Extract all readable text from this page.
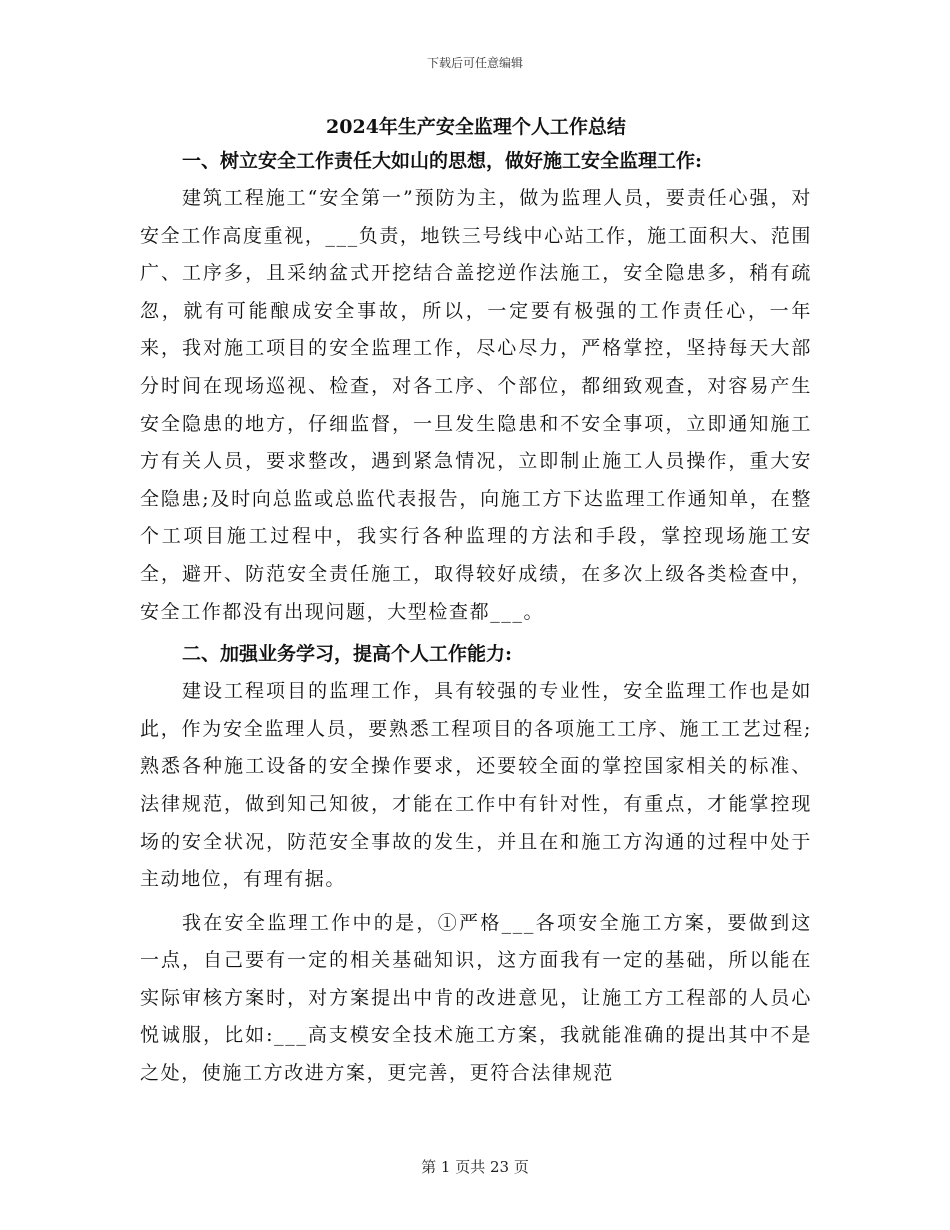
下载后可任意编辑
2024年生产安全监理个人工作总结
一、树立安全工作责任大如山的思想，做好施工安全监理工作:

建筑工程施工“安全第一”预防为主，做为监理人员，要责任心强，对安全工作高度重视，___负责，地铁三号线中心站工作，施工面积大、范围广、工序多，且采纳盆式开挖结合盖挖逆作法施工，安全隐患多，稍有疏忽，就有可能酿成安全事故，所以，一定要有极强的工作责任心，一年来，我对施工项目的安全监理工作，尽心尽力，严格掌控，坚持每天大部分时间在现场巡视、检查，对各工序、个部位，都细致观查，对容易产生安全隐患的地方，仔细监督，一旦发生隐患和不安全事项，立即通知施工方有关人员，要求整改，遇到紧急情况，立即制止施工人员操作，重大安全隐患;及时向总监或总监代表报告，向施工方下达监理工作通知单，在整个工项目施工过程中，我实行各种监理的方法和手段，掌控现场施工安全，避开、防范安全责任施工，取得较好成绩，在多次上级各类检查中，安全工作都没有出现问题，大型检查都___。

二、加强业务学习，提高个人工作能力:

建设工程项目的监理工作，具有较强的专业性，安全监理工作也是如此，作为安全监理人员，要熟悉工程项目的各项施工工序、施工工艺过程;熟悉各种施工设备的安全操作要求，还要较全面的掌控国家相关的标准、法律规范，做到知己知彼，才能在工作中有针对性，有重点，才能掌控现场的安全状况，防范安全事故的发生，并且在和施工方沟通的过程中处于主动地位，有理有据。

我在安全监理工作中的是，①严格___各项安全施工方案，要做到这一点，自己要有一定的相关基础知识，这方面我有一定的基础，所以能在实际审核方案时，对方案提出中肯的改进意见，让施工方工程部的人员心悦诚服，比如:___高支模安全技术施工方案，我就能准确的提出其中不是之处，使施工方改进方案，更完善，更符合法律规范

第 1 页共 23 页
